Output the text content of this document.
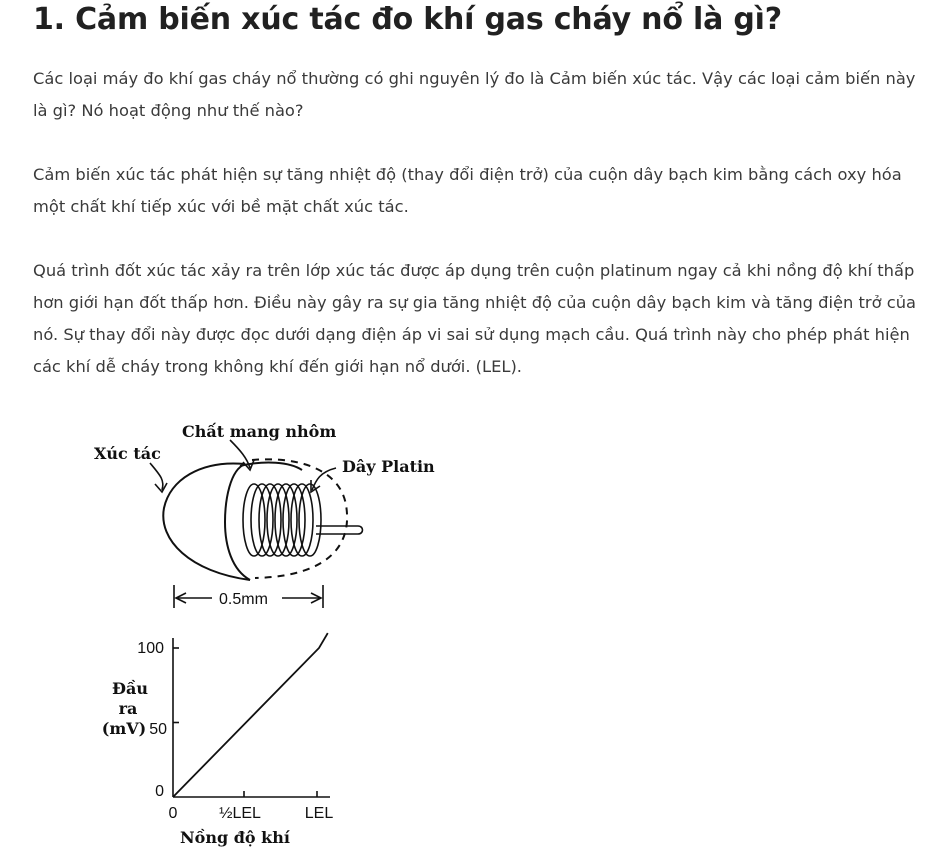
1. Cảm biến xúc tác đo khí gas cháy nổ là gì?

Các loại máy đo khí gas cháy nổ thường có ghi nguyên lý đo là Cảm biến xúc tác. Vậy các loại cảm biến này là gì? Nó hoạt động như thế nào?

Cảm biến xúc tác phát hiện sự tăng nhiệt độ (thay đổi điện trở) của cuộn dây bạch kim bằng cách oxy hóa một chất khí tiếp xúc với bề mặt chất xúc tác.

Quá trình đốt xúc tác xảy ra trên lớp xúc tác được áp dụng trên cuộn platinum ngay cả khi nồng độ khí thấp hơn giới hạn đốt thấp hơn. Điều này gây ra sự gia tăng nhiệt độ của cuộn dây bạch kim và tăng điện trở của nó. Sự thay đổi này được đọc dưới dạng điện áp vi sai sử dụng mạch cầu. Quá trình này cho phép phát hiện các khí dễ cháy trong không khí đến giới hạn nổ dưới. (LEL).

Chất mang nhôm
Xúc tác
Dây Platin
0.5mm
100
50
0
Đầu
ra
(mV)
0	½LEL	LEL
Nồng độ khí
